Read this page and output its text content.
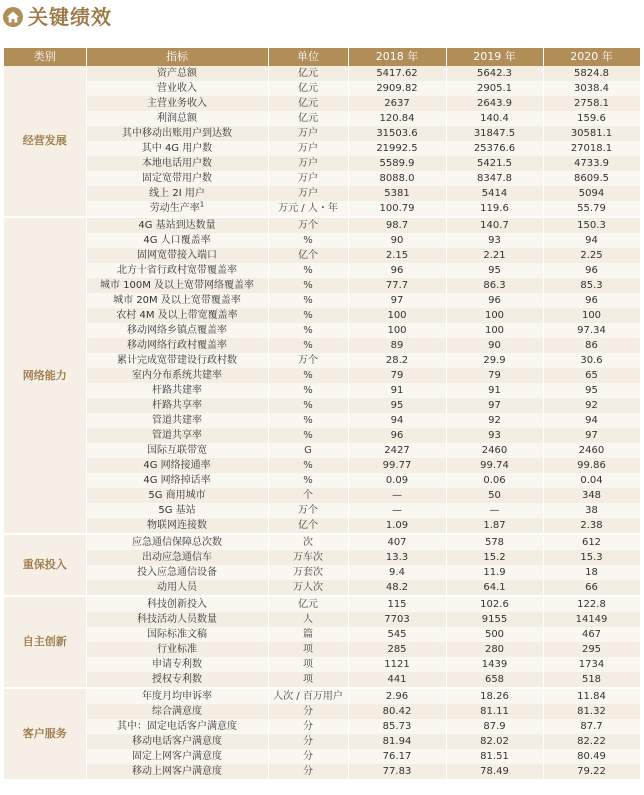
关键绩效
类别	指标	单位	2018 年	2019 年	2020 年
经营发展	资产总额	亿元	5417.62	5642.3	5824.8
	营业收入	亿元	2909.82	2905.1	3038.4
	主营业务收入	亿元	2637	2643.9	2758.1
	利润总额	亿元	120.84	140.4	159.6
	其中移动出账用户到达数	万户	31503.6	31847.5	30581.1
	其中 4G 用户数	万户	21992.5	25376.6	27018.1
	本地电话用户数	万户	5589.9	5421.5	4733.9
	固定宽带用户数	万户	8088.0	8347.8	8609.5
	线上 2I 用户	万户	5381	5414	5094
	劳动生产率$^1$	万元 / 人・年	100.79	119.6	55.79
网络能力	4G 基站到达数量	万个	98.7	140.7	150.3
	4G 人口覆盖率	%	90	93	94
	固网宽带接入端口	亿个	2.15	2.21	2.25
	北方十省行政村宽带覆盖率	%	96	95	96
	城市 100M 及以上宽带网络覆盖率	%	77.7	86.3	85.3
	城市 20M 及以上宽带覆盖率	%	97	96	96
	农村 4M 及以上带宽覆盖率	%	100	100	100
	移动网络乡镇点覆盖率	%	100	100	97.34
	移动网络行政村覆盖率	%	89	90	86
	累计完成宽带建设行政村数	万个	28.2	29.9	30.6
	室内分布系统共建率	%	79	79	65
	杆路共建率	%	91	91	95
	杆路共享率	%	95	97	92
	管道共建率	%	94	92	94
	管道共享率	%	96	93	97
	国际互联带宽	G	2427	2460	2460
	4G 网络接通率	%	99.77	99.74	99.86
	4G 网络掉话率	%	0.09	0.06	0.04
	5G 商用城市	个	—	50	348
	5G 基站	万个	—	—	38
	物联网连接数	亿个	1.09	1.87	2.38
重保投入	应急通信保障总次数	次	407	578	612
	出动应急通信车	万车次	13.3	15.2	15.3
	投入应急通信设备	万套次	9.4	11.9	18
	动用人员	万人次	48.2	64.1	66
自主创新	科技创新投入	亿元	115	102.6	122.8
	科技活动人员数量	人	7703	9155	14149
	国际标准文稿	篇	545	500	467
	行业标准	项	285	280	295
	申请专利数	项	1121	1439	1734
	授权专利数	项	441	658	518
客户服务	年度月均申诉率	人次 / 百万用户	2.96	18.26	11.84
	综合满意度	分	80.42	81.11	81.32
	其中：固定电话客户满意度	分	85.73	87.9	87.7
	移动电话客户满意度	分	81.94	82.02	82.22
	固定上网客户满意度	分	76.17	81.51	80.49
	移动上网客户满意度	分	77.83	78.49	79.22
